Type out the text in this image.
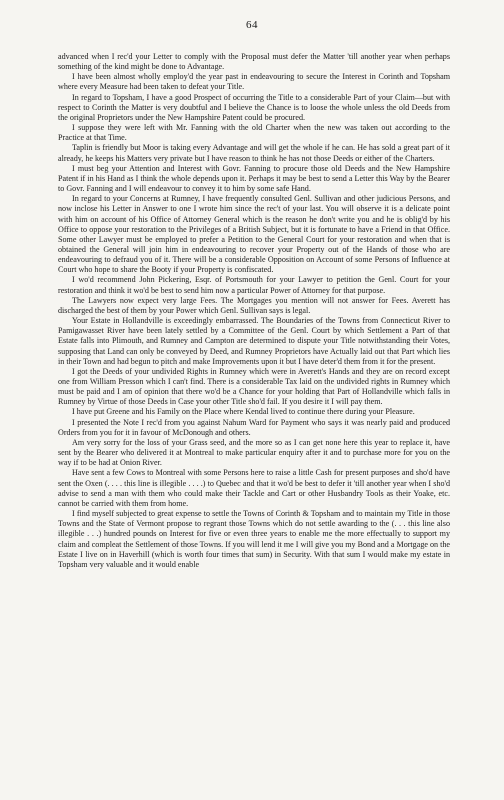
64

advanced when I rec'd your Letter to comply with the Proposal must defer the Matter 'till another year when perhaps something of the kind might be done to Advantage.

I have been almost wholly employ'd the year past in endeavouring to secure the Interest in Corinth and Topsham where every Measure had been taken to defeat your Title.

In regard to Topsham, I have a good Prospect of occurring the Title to a considerable Part of your Claim—but with respect to Corinth the Matter is very doubtful and I believe the Chance is to loose the whole unless the old Deeds from the original Proprietors under the New Hampshire Patent could be procured.

I suppose they were left with Mr. Fanning with the old Charter when the new was taken out according to the Practice at that Time.

Taplin is friendly but Moor is taking every Advantage and will get the whole if he can. He has sold a great part of it already, he keeps his Matters very private but I have reason to think he has not those Deeds or either of the Charters.

I must beg your Attention and Interest with Govr. Fanning to procure those old Deeds and the New Hampshire Patent if in his Hand as I think the whole depends upon it. Perhaps it may be best to send a Letter this Way by the Bearer to Govr. Fanning and I will endeavour to convey it to him by some safe Hand.

In regard to your Concerns at Rumney, I have frequently consulted Genl. Sullivan and other judicious Persons, and now inclose his Letter in Answer to one I wrote him since the rec't of your last. You will observe it is a delicate point with him on account of his Office of Attorney General which is the reason he don't write you and he is oblig'd by his Office to oppose your restoration to the Privileges of a British Subject, but it is fortunate to have a Friend in that Office. Some other Lawyer must be employed to prefer a Petition to the General Court for your restoration and when that is obtained the General will join him in endeavouring to recover your Property out of the Hands of those who are endeavouring to defraud you of it. There will be a considerable Opposition on Account of some Persons of Influence at Court who hope to share the Booty if your Property is confiscated.

I wo'd recommend John Pickering, Esqr. of Portsmouth for your Lawyer to petition the Genl. Court for your restoration and think it wo'd be best to send him now a particular Power of Attorney for that purpose.

The Lawyers now expect very large Fees. The Mortgages you mention will not answer for Fees. Averett has discharged the best of them by your Power which Genl. Sullivan says is legal.

Your Estate in Hollandville is exceedingly embarrassed. The Boundaries of the Towns from Connecticut River to Pamigawasset River have been lately settled by a Committee of the Genl. Court by which Settlement a Part of that Estate falls into Plimouth, and Rumney and Campton are determined to dispute your Title notwithstanding their Votes, supposing that Land can only be conveyed by Deed, and Rumney Proprietors have Actually laid out that Part which lies in their Town and had begun to pitch and make Improvements upon it but I have deter'd them from it for the present.

I got the Deeds of your undivided Rights in Rumney which were in Averett's Hands and they are on record except one from William Presson which I can't find. There is a considerable Tax laid on the undivided rights in Rumney which must be paid and I am of opinion that there wo'd be a Chance for your holding that Part of Hollandville which falls in Rumney by Virtue of those Deeds in Case your other Title sho'd fail. If you desire it I will pay them.

I have put Greene and his Family on the Place where Kendal lived to continue there during your Pleasure.

I presented the Note I rec'd from you against Nahum Ward for Payment who says it was nearly paid and produced Orders from you for it in favour of McDonough and others.

Am very sorry for the loss of your Grass seed, and the more so as I can get none here this year to replace it, have sent by the Bearer who delivered it at Montreal to make particular enquiry after it and to purchase more for you on the way if to be had at Onion River.

Have sent a few Cows to Montreal with some Persons here to raise a little Cash for present purposes and sho'd have sent the Oxen (. . . . this line is illegible . . . .) to Quebec and that it wo'd be best to defer it 'till another year when I sho'd advise to send a man with them who could make their Tackle and Cart or other Husbandry Tools as their Yoake, etc. cannot be carried with them from home.

I find myself subjected to great expense to settle the Towns of Corinth & Topsham and to maintain my Title in those Towns and the State of Vermont propose to regrant those Towns which do not settle awarding to the (. . . this line also illegible . . .) hundred pounds on Interest for five or even three years to enable me the more effectually to support my claim and compleat the Settlement of those Towns. If you will lend it me I will give you my Bond and a Mortgage on the Estate I live on in Haverhill (which is worth four times that sum) in Security. With that sum I would make my estate in Topsham very valuable and it would enable
